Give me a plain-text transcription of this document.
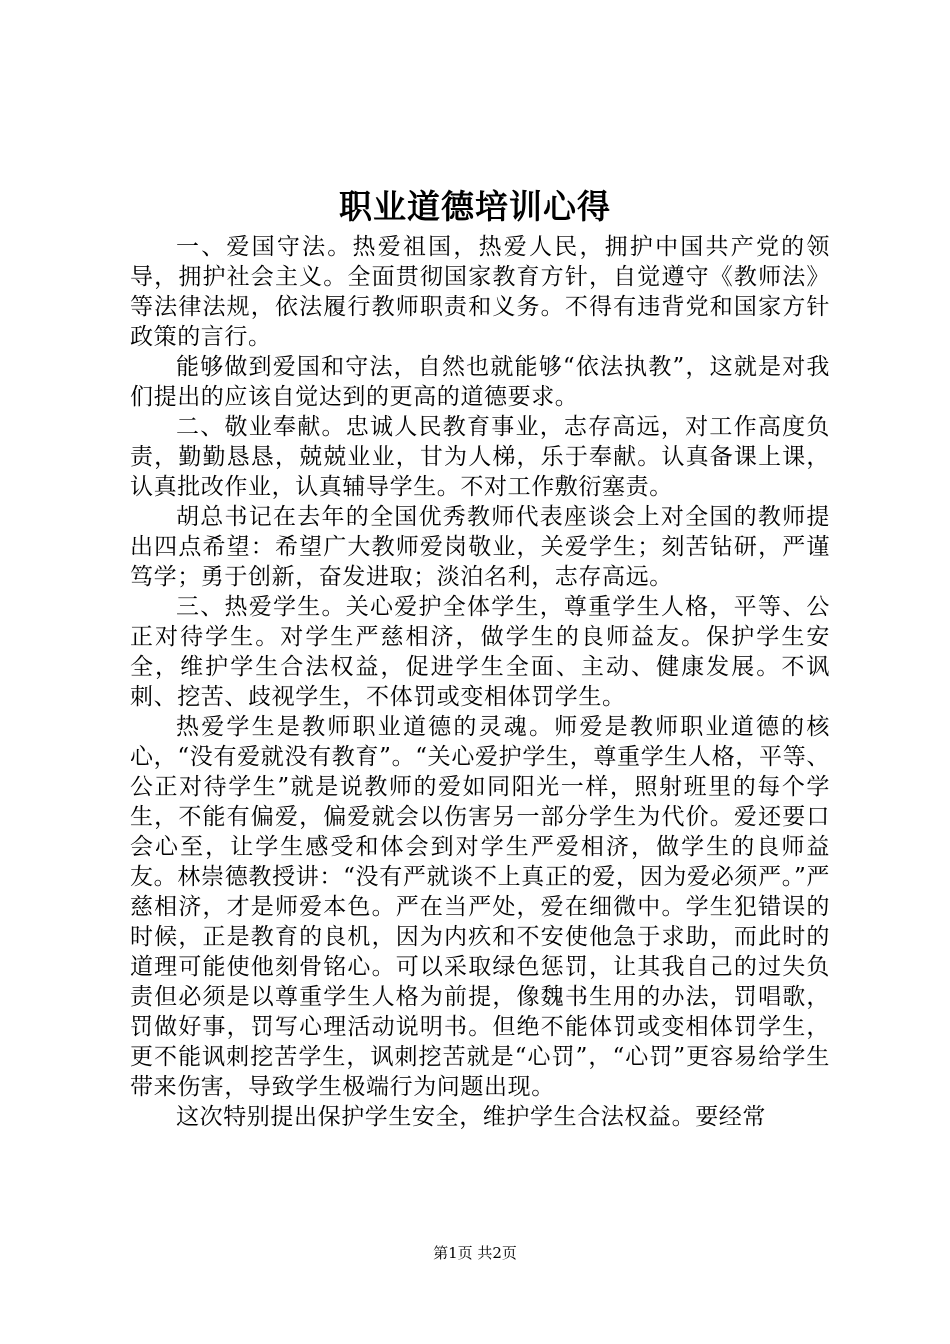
职业道德培训心得

一、爱国守法。热爱祖国，热爱人民，拥护中国共产党的领导，拥护社会主义。全面贯彻国家教育方针，自觉遵守《教师法》等法律法规，依法履行教师职责和义务。不得有违背党和国家方针政策的言行。

能够做到爱国和守法，自然也就能够“依法执教”，这就是对我们提出的应该自觉达到的更高的道德要求。

二、敬业奉献。忠诚人民教育事业，志存高远，对工作高度负责，勤勤恳恳，兢兢业业，甘为人梯，乐于奉献。认真备课上课，认真批改作业，认真辅导学生。不对工作敷衍塞责。

胡总书记在去年的全国优秀教师代表座谈会上对全国的教师提出四点希望：希望广大教师爱岗敬业，关爱学生；刻苦钻研，严谨笃学；勇于创新，奋发进取；淡泊名利，志存高远。

三、热爱学生。关心爱护全体学生，尊重学生人格，平等、公正对待学生。对学生严慈相济，做学生的良师益友。保护学生安全，维护学生合法权益，促进学生全面、主动、健康发展。不讽刺、挖苦、歧视学生，不体罚或变相体罚学生。

热爱学生是教师职业道德的灵魂。师爱是教师职业道德的核心，“没有爱就没有教育”。“关心爱护学生，尊重学生人格，平等、公正对待学生”就是说教师的爱如同阳光一样，照射班里的每个学生，不能有偏爱，偏爱就会以伤害另一部分学生为代价。爱还要口会心至，让学生感受和体会到对学生严爱相济，做学生的良师益友。林崇德教授讲：“没有严就谈不上真正的爱，因为爱必须严。”严慈相济，才是师爱本色。严在当严处，爱在细微中。学生犯错误的时候，正是教育的良机，因为内疚和不安使他急于求助，而此时的道理可能使他刻骨铭心。可以采取绿色惩罚，让其我自己的过失负责但必须是以尊重学生人格为前提，像魏书生用的办法，罚唱歌，罚做好事，罚写心理活动说明书。但绝不能体罚或变相体罚学生，更不能讽刺挖苦学生，讽刺挖苦就是“心罚”，“心罚”更容易给学生带来伤害，导致学生极端行为问题出现。

这次特别提出保护学生安全，维护学生合法权益。要经常

第1页 共2页
